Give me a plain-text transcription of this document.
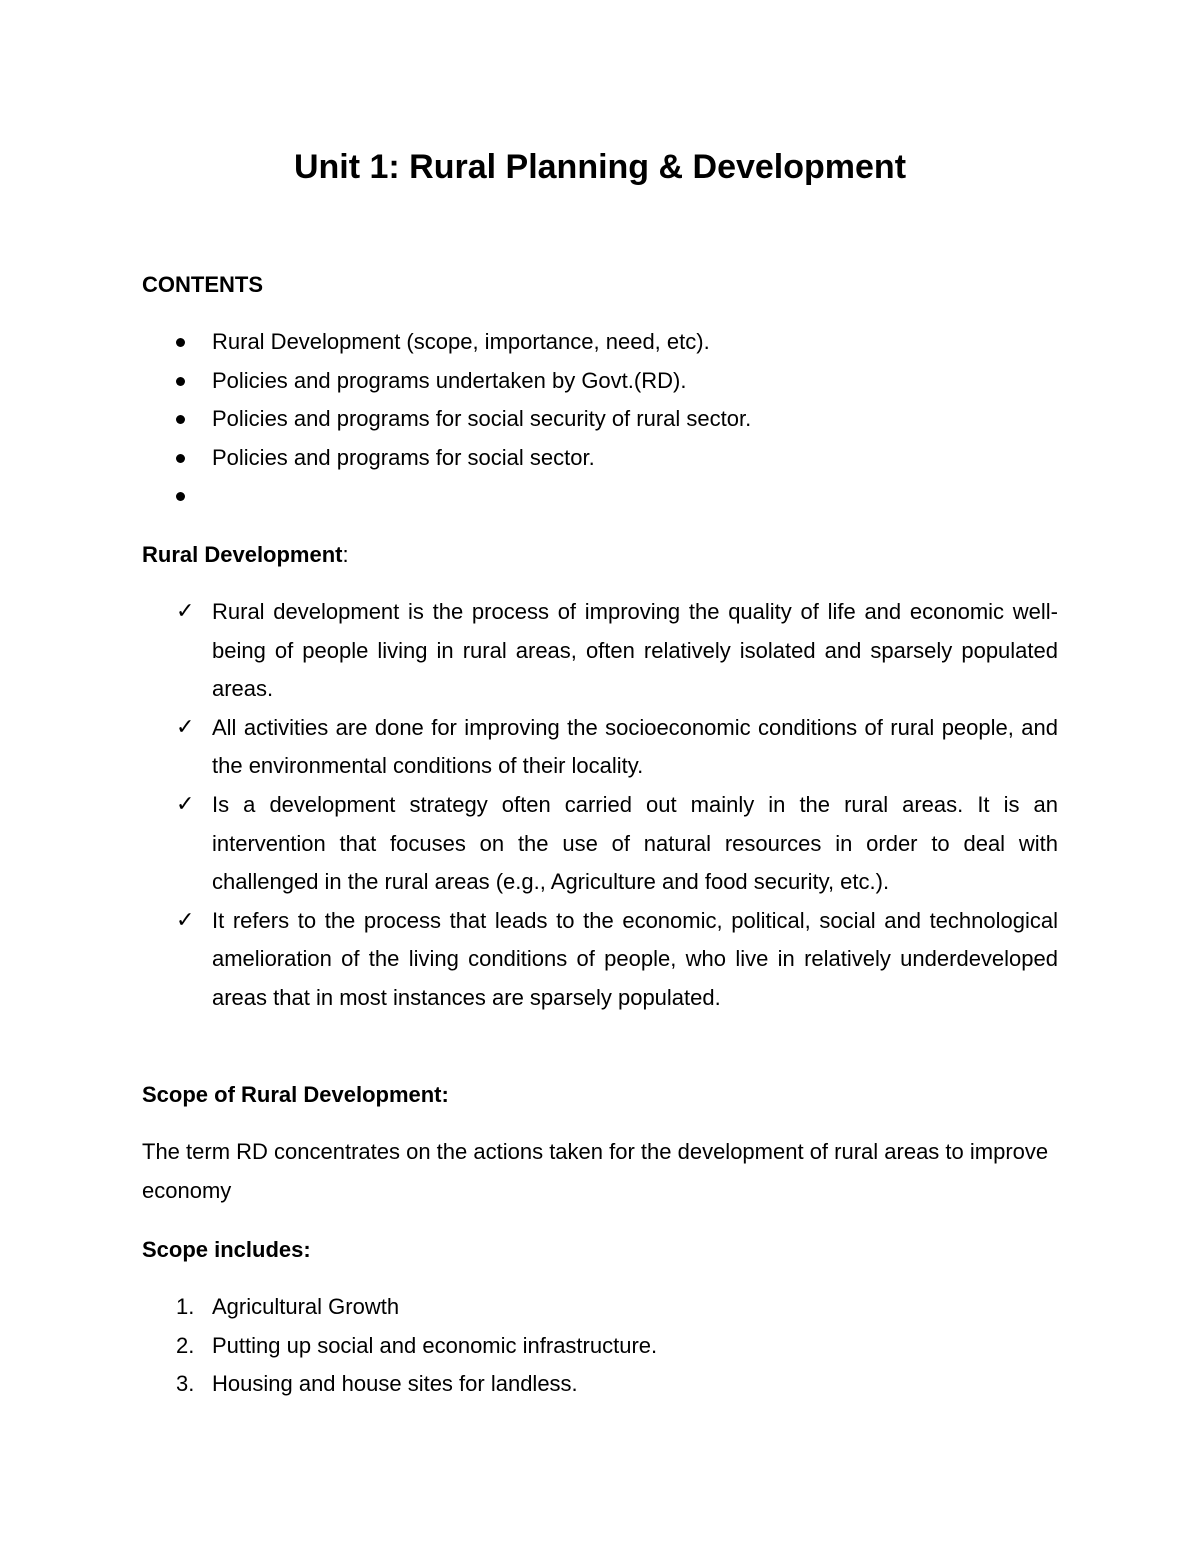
Unit 1: Rural Planning & Development
CONTENTS
Rural Development (scope, importance, need, etc).
Policies and programs undertaken by Govt.(RD).
Policies and programs for social security of rural sector.
Policies and programs for social sector.
Rural Development:
✓ Rural development is the process of improving the quality of life and economic well-being of people living in rural areas, often relatively isolated and sparsely populated areas.
✓ All activities are done for improving the socioeconomic conditions of rural people, and the environmental conditions of their locality.
✓ Is a development strategy often carried out mainly in the rural areas. It is an intervention that focuses on the use of natural resources in order to deal with challenged in the rural areas (e.g., Agriculture and food security, etc.).
✓ It refers to the process that leads to the economic, political, social and technological amelioration of the living conditions of people, who live in relatively underdeveloped areas that in most instances are sparsely populated.
Scope of Rural Development:

The term RD concentrates on the actions taken for the development of rural areas to improve economy

Scope includes:
1. Agricultural Growth
2. Putting up social and economic infrastructure.
3. Housing and house sites for landless.
